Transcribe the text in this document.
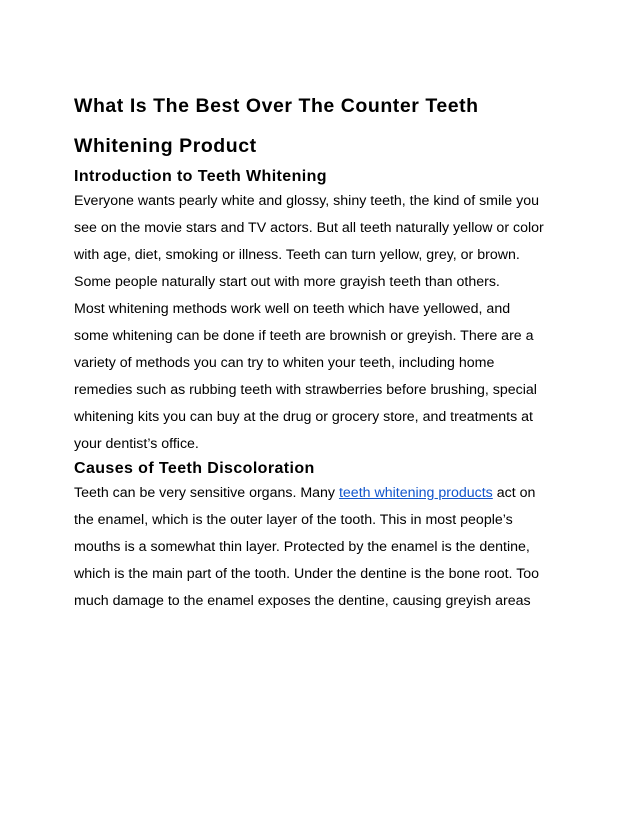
What Is The Best Over The Counter Teeth
Whitening Product
Introduction to Teeth Whitening

Everyone wants pearly white and glossy, shiny teeth, the kind of smile you
see on the movie stars and TV actors. But all teeth naturally yellow or color
with age, diet, smoking or illness. Teeth can turn yellow, grey, or brown.
Some people naturally start out with more grayish teeth than others.

Most whitening methods work well on teeth which have yellowed, and
some whitening can be done if teeth are brownish or greyish. There are a
variety of methods you can try to whiten your teeth, including home
remedies such as rubbing teeth with strawberries before brushing, special
whitening kits you can buy at the drug or grocery store, and treatments at
your dentist’s office.

Causes of Teeth Discoloration

Teeth can be very sensitive organs. Many teeth whitening products act on
the enamel, which is the outer layer of the tooth. This in most people’s
mouths is a somewhat thin layer. Protected by the enamel is the dentine,
which is the main part of the tooth. Under the dentine is the bone root. Too
much damage to the enamel exposes the dentine, causing greyish areas
